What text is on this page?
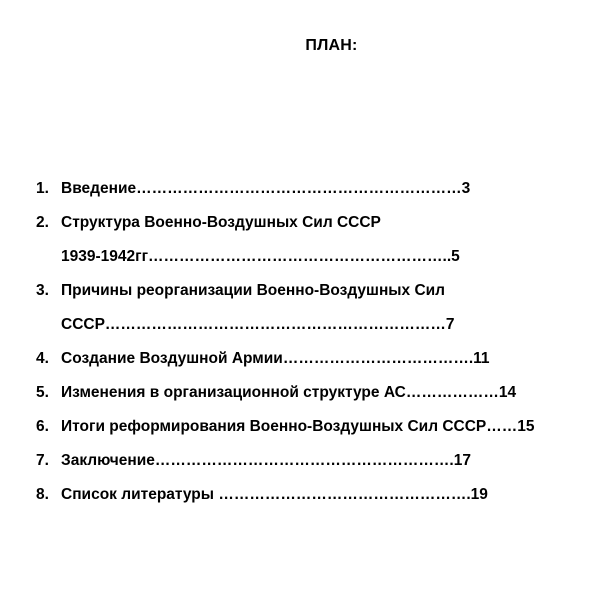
ПЛАН:
1. Введение………………………………………………………3
2. Структура Военно-Воздушных Сил СССР
1939-1942гг…………………………………………………..5
3. Причины реорганизации Военно-Воздушных Сил
СССР…………………………………………………………7
4. Создание Воздушной Армии……………………………….11
5. Изменения в организационной структуре АС………………14
6. Итоги реформирования Военно-Воздушных Сил СССР……15
7. Заключение………………………………………………….17
8. Список литературы ………………………………………….19
